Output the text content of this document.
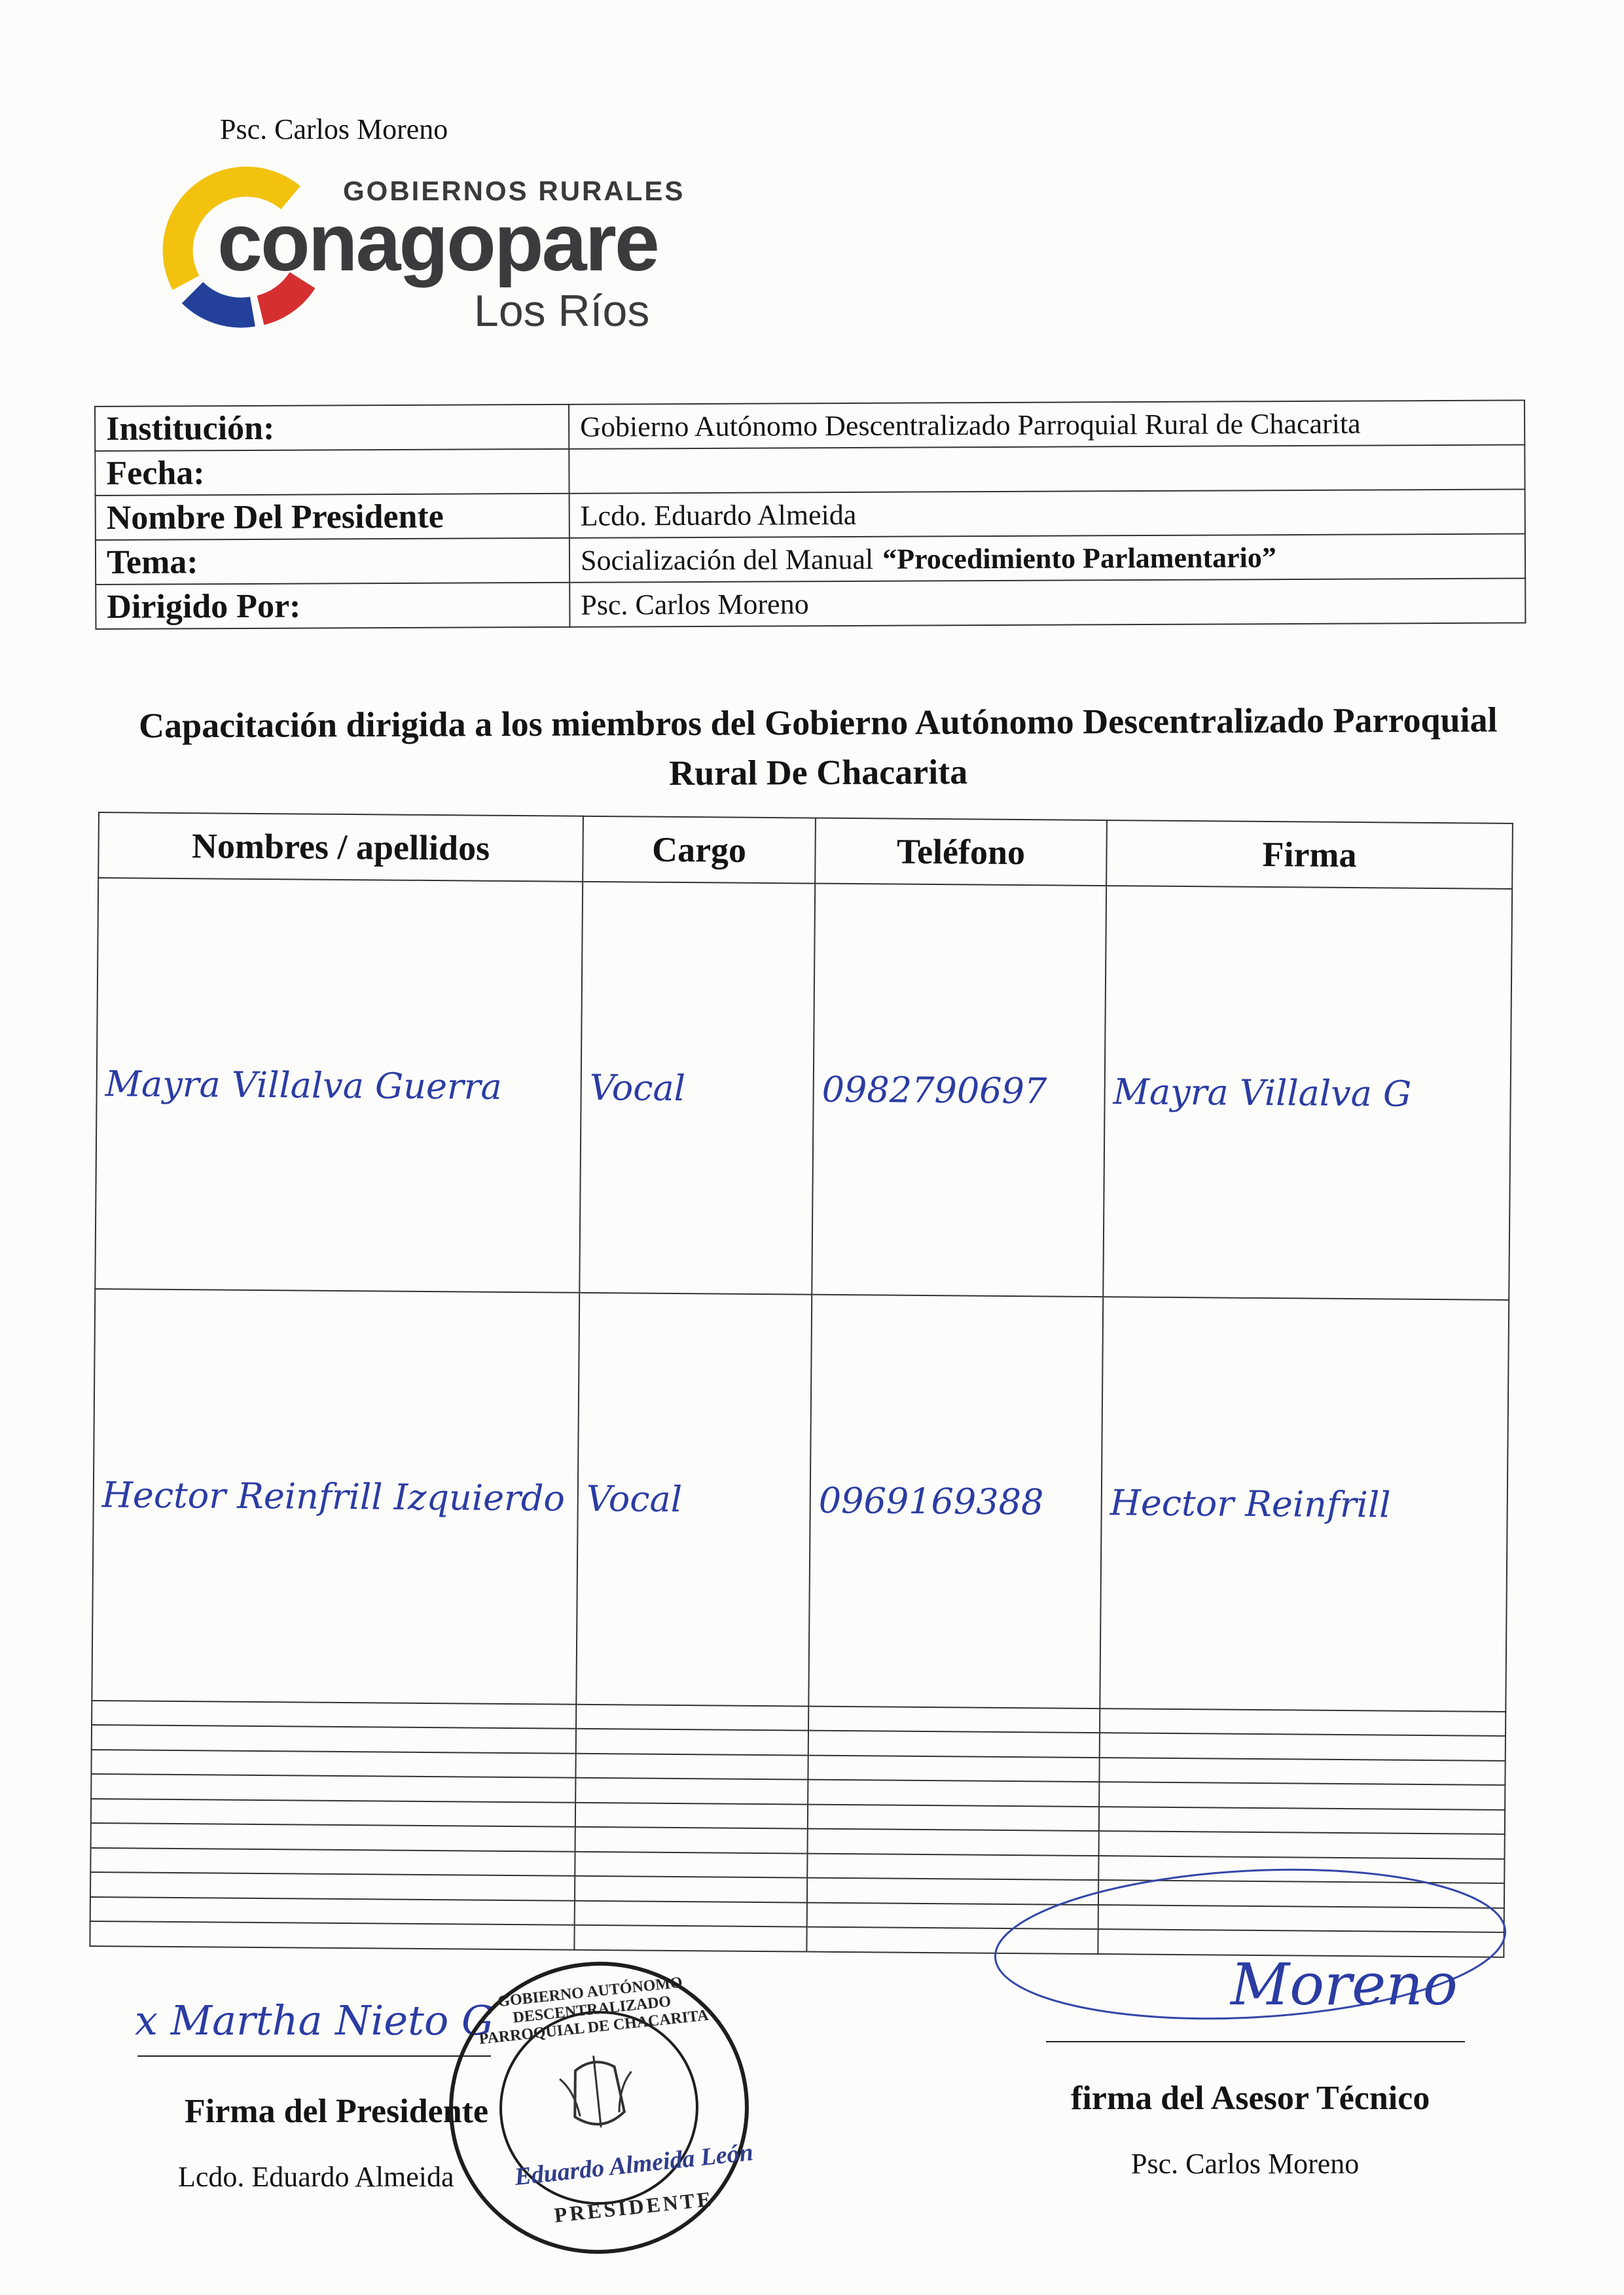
Psc. Carlos Moreno
GOBIERNOS RURALES
conagopare
Los Ríos
Institución:	Gobierno Autónomo Descentralizado Parroquial Rural de Chacarita
Fecha:	
Nombre Del Presidente	Lcdo. Eduardo Almeida
Tema:	Socialización del Manual “Procedimiento Parlamentario”
Dirigido Por:	Psc. Carlos Moreno
Capacitación dirigida a los miembros del Gobierno Autónomo Descentralizado Parroquial
Rural De Chacarita
Nombres / apellidos	Cargo	Teléfono	Firma
Mayra Villalva Guerra	Vocal	0982790697	Mayra Villalva G
Hector Reinfrill Izquierdo	Vocal	0969169388	Hector Reinfrill

x Martha Nieto G
Firma del Presidente
Lcdo. Eduardo Almeida
GOBIERNO AUTÓNOMO DESCENTRALIZADO PARROQUIAL DE CHACARITA
Eduardo Almeida León
PRESIDENTE
Moreno
firma del Asesor Técnico
Psc. Carlos Moreno
